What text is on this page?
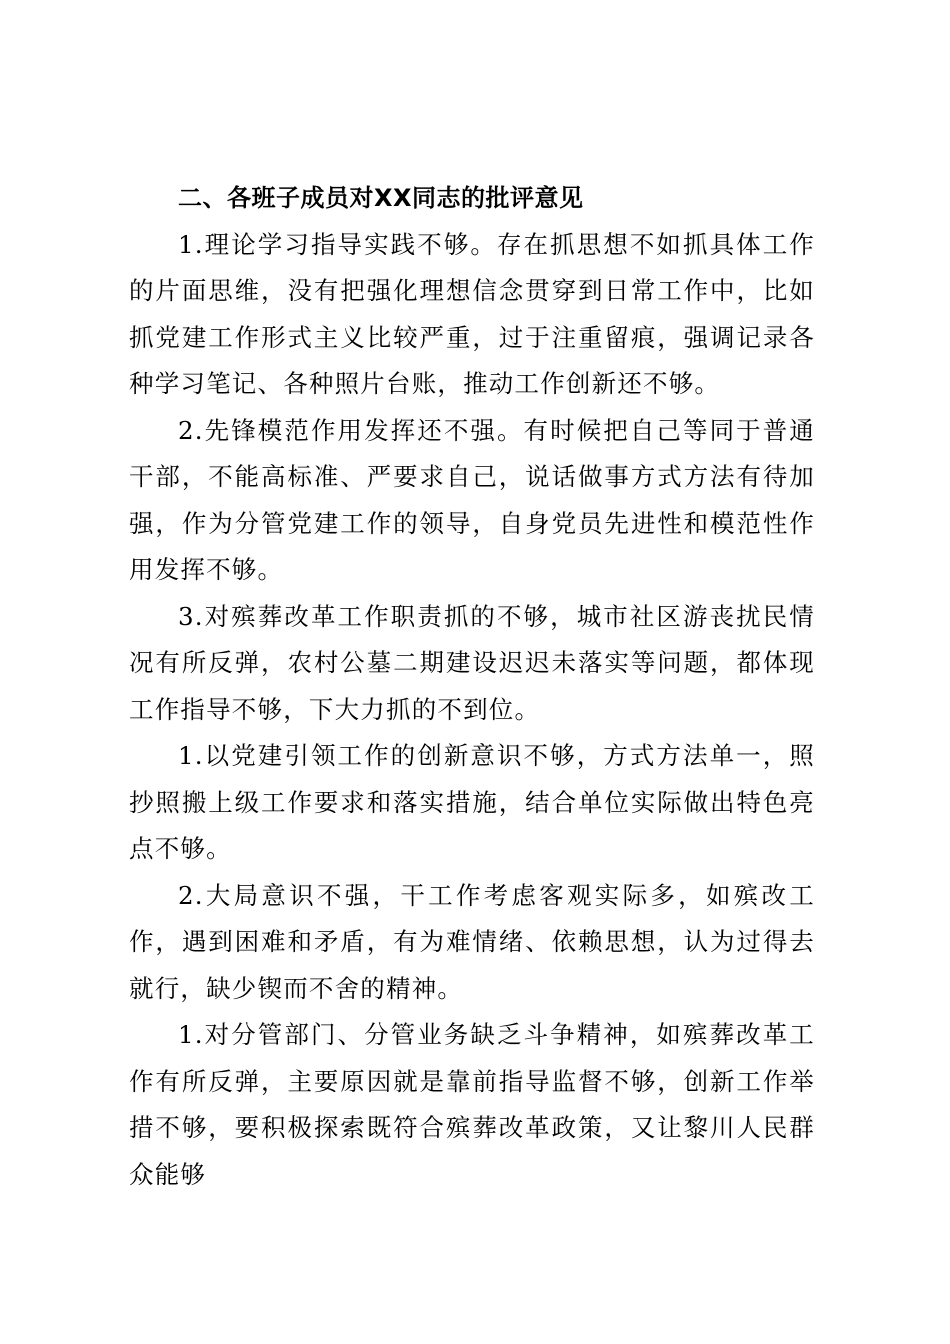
二、各班子成员对XX同志的批评意见

1.理论学习指导实践不够。存在抓思想不如抓具体工作的片面思维，没有把强化理想信念贯穿到日常工作中，比如抓党建工作形式主义比较严重，过于注重留痕，强调记录各种学习笔记、各种照片台账，推动工作创新还不够。

2.先锋模范作用发挥还不强。有时候把自己等同于普通干部，不能高标准、严要求自己，说话做事方式方法有待加强，作为分管党建工作的领导，自身党员先进性和模范性作用发挥不够。

3.对殡葬改革工作职责抓的不够，城市社区游丧扰民情况有所反弹，农村公墓二期建设迟迟未落实等问题，都体现工作指导不够，下大力抓的不到位。

1.以党建引领工作的创新意识不够，方式方法单一，照抄照搬上级工作要求和落实措施，结合单位实际做出特色亮点不够。

2.大局意识不强，干工作考虑客观实际多，如殡改工作，遇到困难和矛盾，有为难情绪、依赖思想，认为过得去就行，缺少锲而不舍的精神。

1.对分管部门、分管业务缺乏斗争精神，如殡葬改革工作有所反弹，主要原因就是靠前指导监督不够，创新工作举措不够，要积极探索既符合殡葬改革政策，又让黎川人民群众能够
